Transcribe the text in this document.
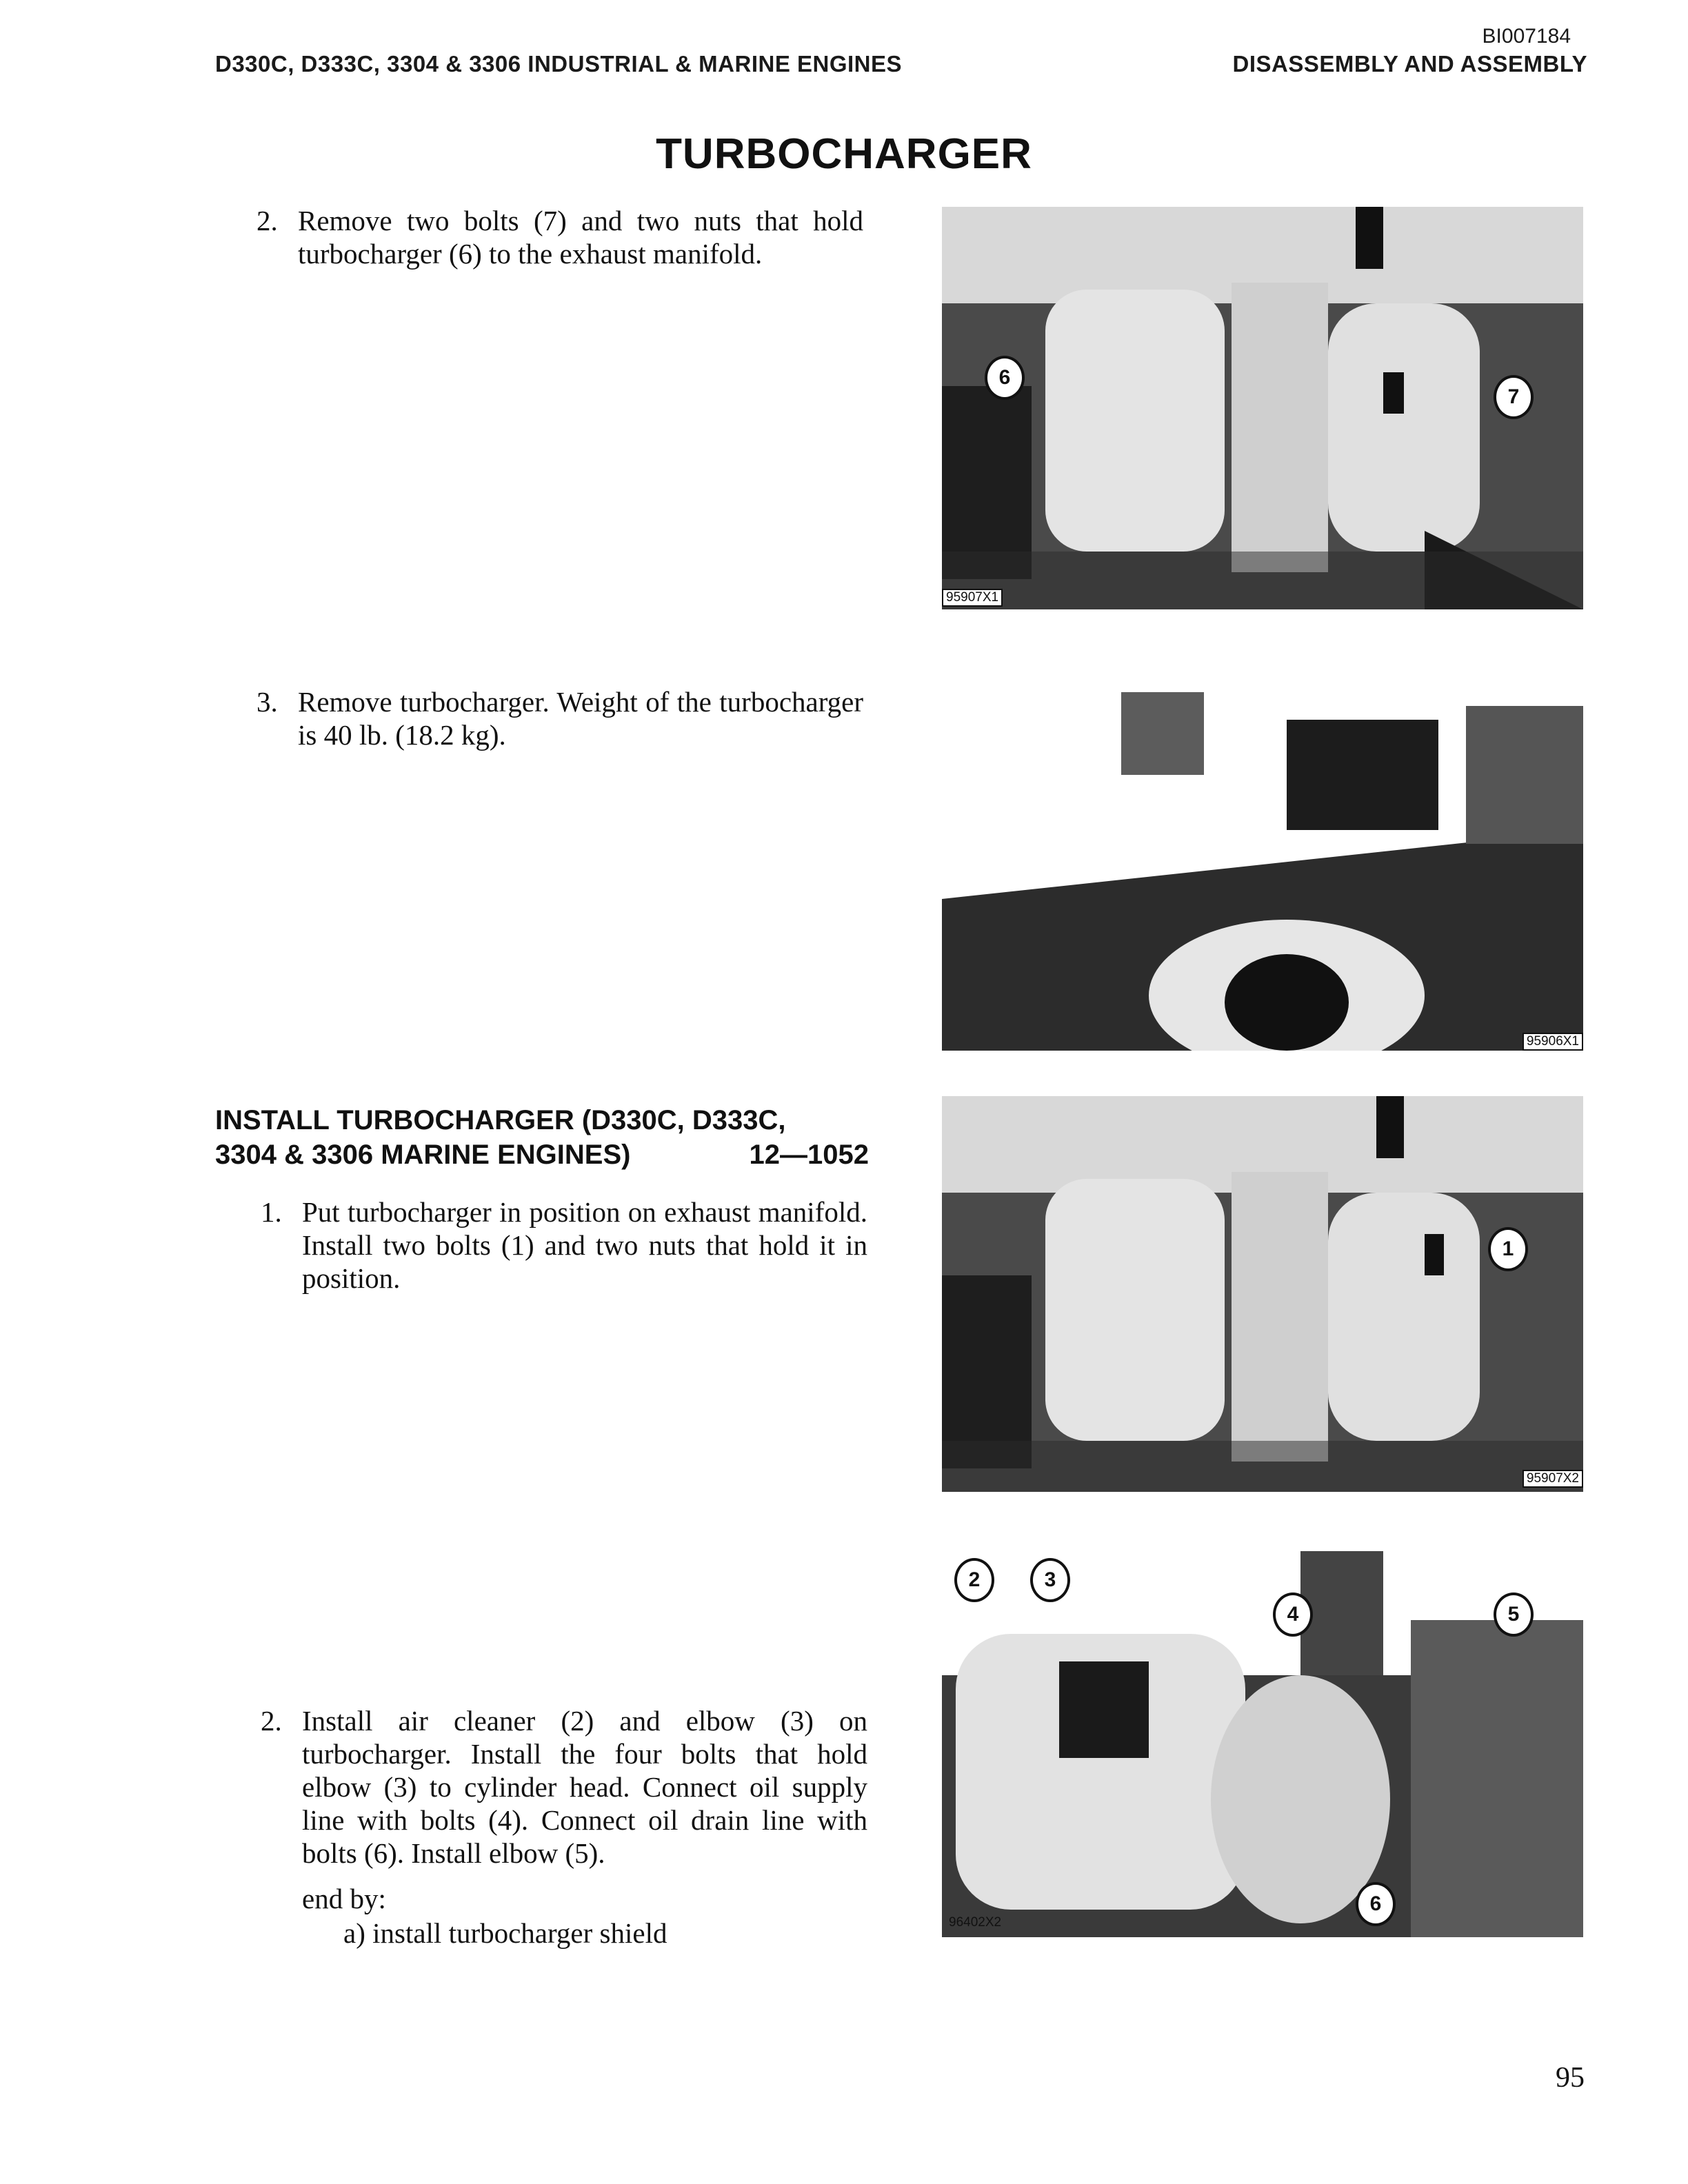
BI007184
D330C, D333C, 3304 & 3306 INDUSTRIAL & MARINE ENGINES	DISASSEMBLY AND ASSEMBLY
TURBOCHARGER
2. Remove two bolts (7) and two nuts that hold turbocharger (6) to the exhaust manifold.
3. Remove turbocharger. Weight of the turbocharger is 40 lb. (18.2 kg).
INSTALL TURBOCHARGER (D330C, D333C,
3304 & 3306 MARINE ENGINES)	12—1052
1. Put turbocharger in position on exhaust manifold. Install two bolts (1) and two nuts that hold it in position.
2. Install air cleaner (2) and elbow (3) on turbocharger. Install the four bolts that hold elbow (3) to cylinder head. Connect oil supply line with bolts (4). Connect oil drain line with bolts (6). Install elbow (5).
end by:
a) install turbocharger shield
6
7
95907X1
95906X1
1
95907X2
2	3
4	5
6
96402X2
95
